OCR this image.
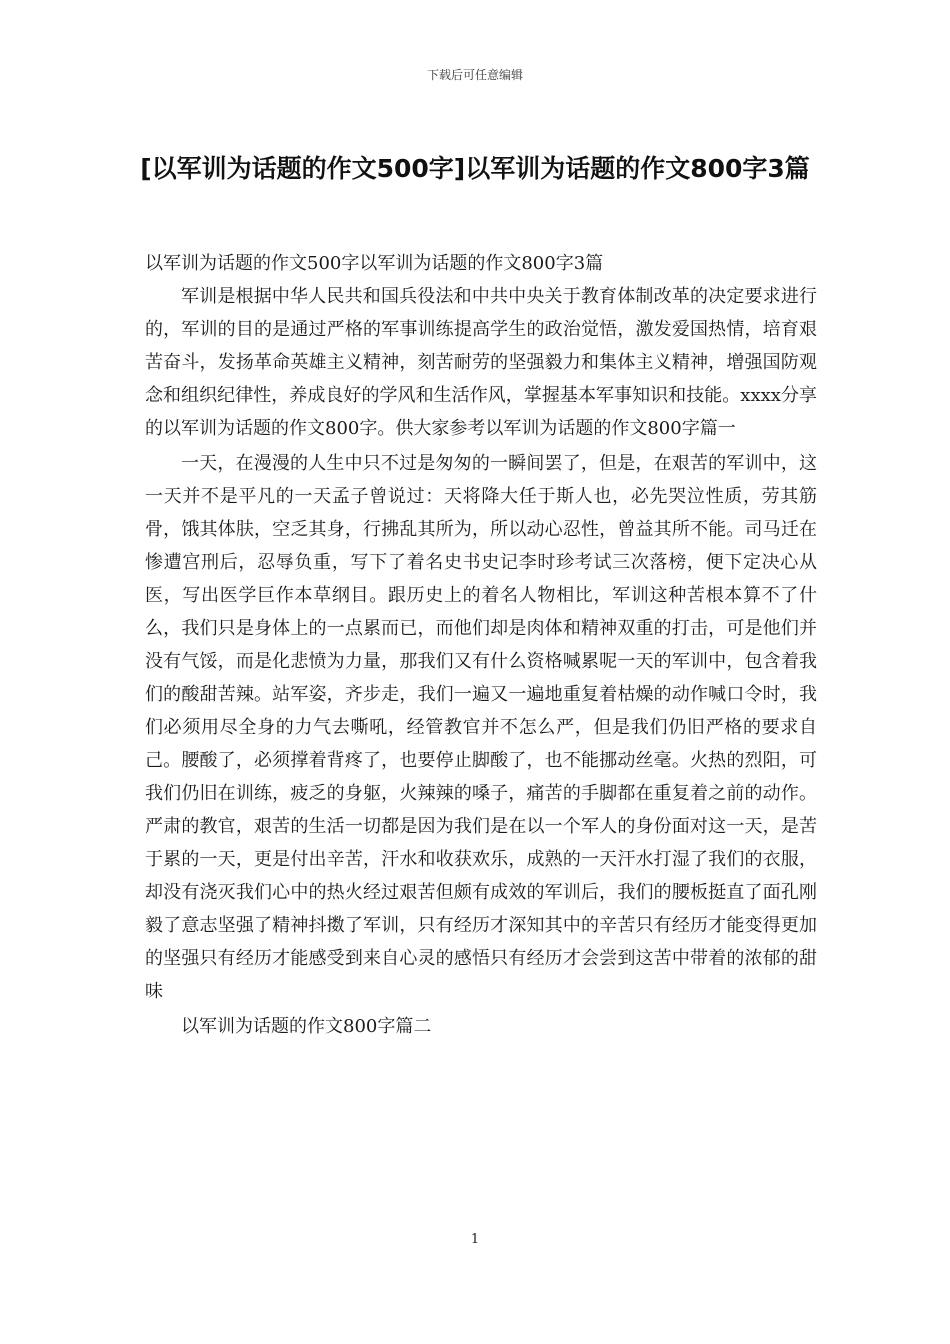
下载后可任意编辑
[以军训为话题的作文500字]以军训为话题的作文800字3篇

以军训为话题的作文500字以军训为话题的作文800字3篇

军训是根据中华人民共和国兵役法和中共中央关于教育体制改革的决定要求进行的，军训的目的是通过严格的军事训练提高学生的政治觉悟，激发爱国热情，培育艰苦奋斗，发扬革命英雄主义精神，刻苦耐劳的坚强毅力和集体主义精神，增强国防观念和组织纪律性，养成良好的学风和生活作风，掌握基本军事知识和技能。xxxx分享的以军训为话题的作文800字。供大家参考以军训为话题的作文800字篇一

一天，在漫漫的人生中只不过是匆匆的一瞬间罢了，但是，在艰苦的军训中，这一天并不是平凡的一天孟子曾说过：天将降大任于斯人也，必先哭泣性质，劳其筋骨，饿其体肤，空乏其身，行拂乱其所为，所以动心忍性，曾益其所不能。司马迁在惨遭宫刑后，忍辱负重，写下了着名史书史记李时珍考试三次落榜，便下定决心从医，写出医学巨作本草纲目。跟历史上的着名人物相比，军训这种苦根本算不了什么，我们只是身体上的一点累而已，而他们却是肉体和精神双重的打击，可是他们并没有气馁，而是化悲愤为力量，那我们又有什么资格喊累呢一天的军训中，包含着我们的酸甜苦辣。站军姿，齐步走，我们一遍又一遍地重复着枯燥的动作喊口令时，我们必须用尽全身的力气去嘶吼，经管教官并不怎么严，但是我们仍旧严格的要求自己。腰酸了，必须撑着背疼了，也要停止脚酸了，也不能挪动丝毫。火热的烈阳，可我们仍旧在训练，疲乏的身躯，火辣辣的嗓子，痛苦的手脚都在重复着之前的动作。严肃的教官，艰苦的生活一切都是因为我们是在以一个军人的身份面对这一天，是苦于累的一天，更是付出辛苦，汗水和收获欢乐，成熟的一天汗水打湿了我们的衣服，却没有浇灭我们心中的热火经过艰苦但颇有成效的军训后，我们的腰板挺直了面孔刚毅了意志坚强了精神抖擞了军训，只有经历才深知其中的辛苦只有经历才能变得更加的坚强只有经历才能感受到来自心灵的感悟只有经历才会尝到这苦中带着的浓郁的甜味

以军训为话题的作文800字篇二

1
